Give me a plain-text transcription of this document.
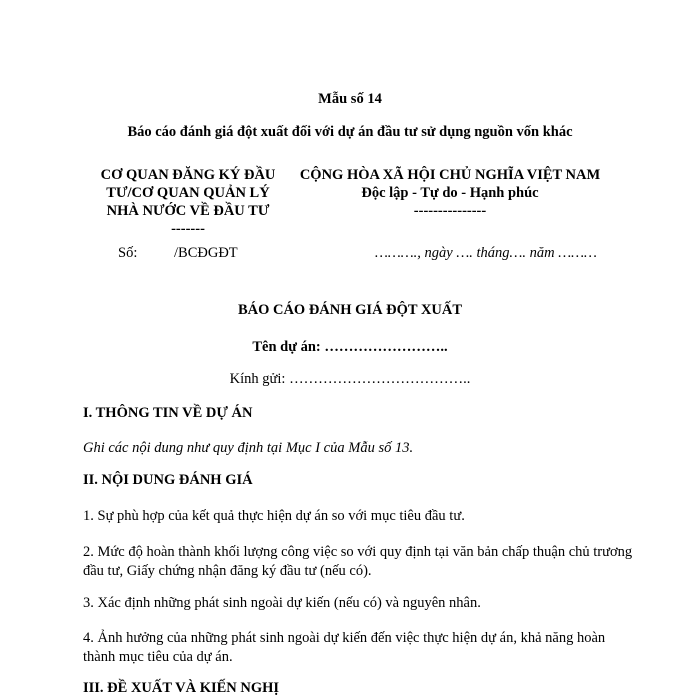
Mẫu số 14
Báo cáo đánh giá đột xuất đối với dự án đầu tư sử dụng nguồn vốn khác
CƠ QUAN ĐĂNG KÝ ĐẦU
TƯ/CƠ QUAN QUẢN LÝ
NHÀ NƯỚC VỀ ĐẦU TƯ
-------
CỘNG HÒA XÃ HỘI CHỦ NGHĨA VIỆT NAM
Độc lập - Tự do - Hạnh phúc
---------------
Số:	/BCĐGĐT	………., ngày …. tháng…. năm ………
BÁO CÁO ĐÁNH GIÁ ĐỘT XUẤT
Tên dự án: ……………………..
Kính gửi: ………………………………..
I. THÔNG TIN VỀ DỰ ÁN
Ghi các nội dung như quy định tại Mục I của Mẫu số 13.
II. NỘI DUNG ĐÁNH GIÁ
1. Sự phù hợp của kết quả thực hiện dự án so với mục tiêu đầu tư.
2. Mức độ hoàn thành khối lượng công việc so với quy định tại văn bản chấp thuận chủ trương đầu tư, Giấy chứng nhận đăng ký đầu tư (nếu có).
3. Xác định những phát sinh ngoài dự kiến (nếu có) và nguyên nhân.
4. Ảnh hưởng của những phát sinh ngoài dự kiến đến việc thực hiện dự án, khả năng hoàn thành mục tiêu của dự án.
III. ĐỀ XUẤT VÀ KIẾN NGHỊ
